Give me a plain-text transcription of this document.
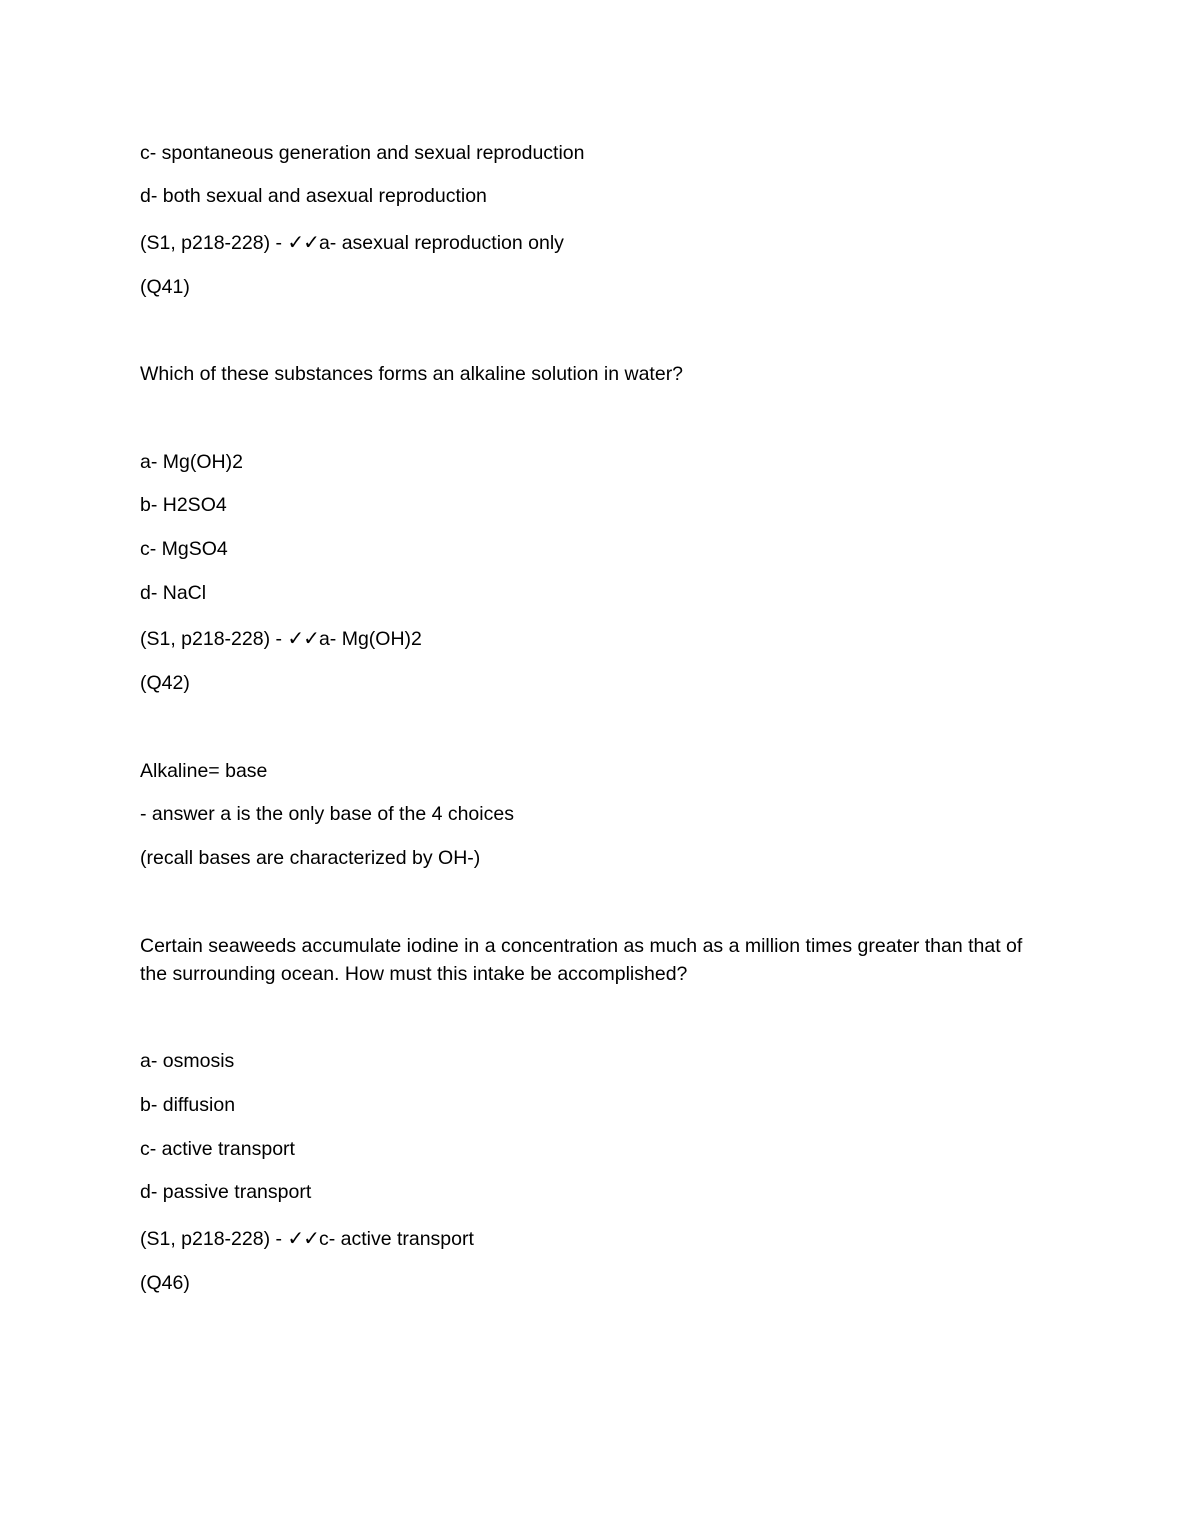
c- spontaneous generation and sexual reproduction

d- both sexual and asexual reproduction

(S1, p218-228) - ✓✓a- asexual reproduction only

(Q41)

Which of these substances forms an alkaline solution in water?

a- Mg(OH)2

b- H2SO4

c- MgSO4

d- NaCl

(S1, p218-228) - ✓✓a- Mg(OH)2

(Q42)

Alkaline= base

- answer a is the only base of the 4 choices

(recall bases are characterized by OH-)

Certain seaweeds accumulate iodine in a concentration as much as a million times greater than that of the surrounding ocean. How must this intake be accomplished?

a- osmosis

b- diffusion

c- active transport

d- passive transport

(S1, p218-228) - ✓✓c- active transport

(Q46)
